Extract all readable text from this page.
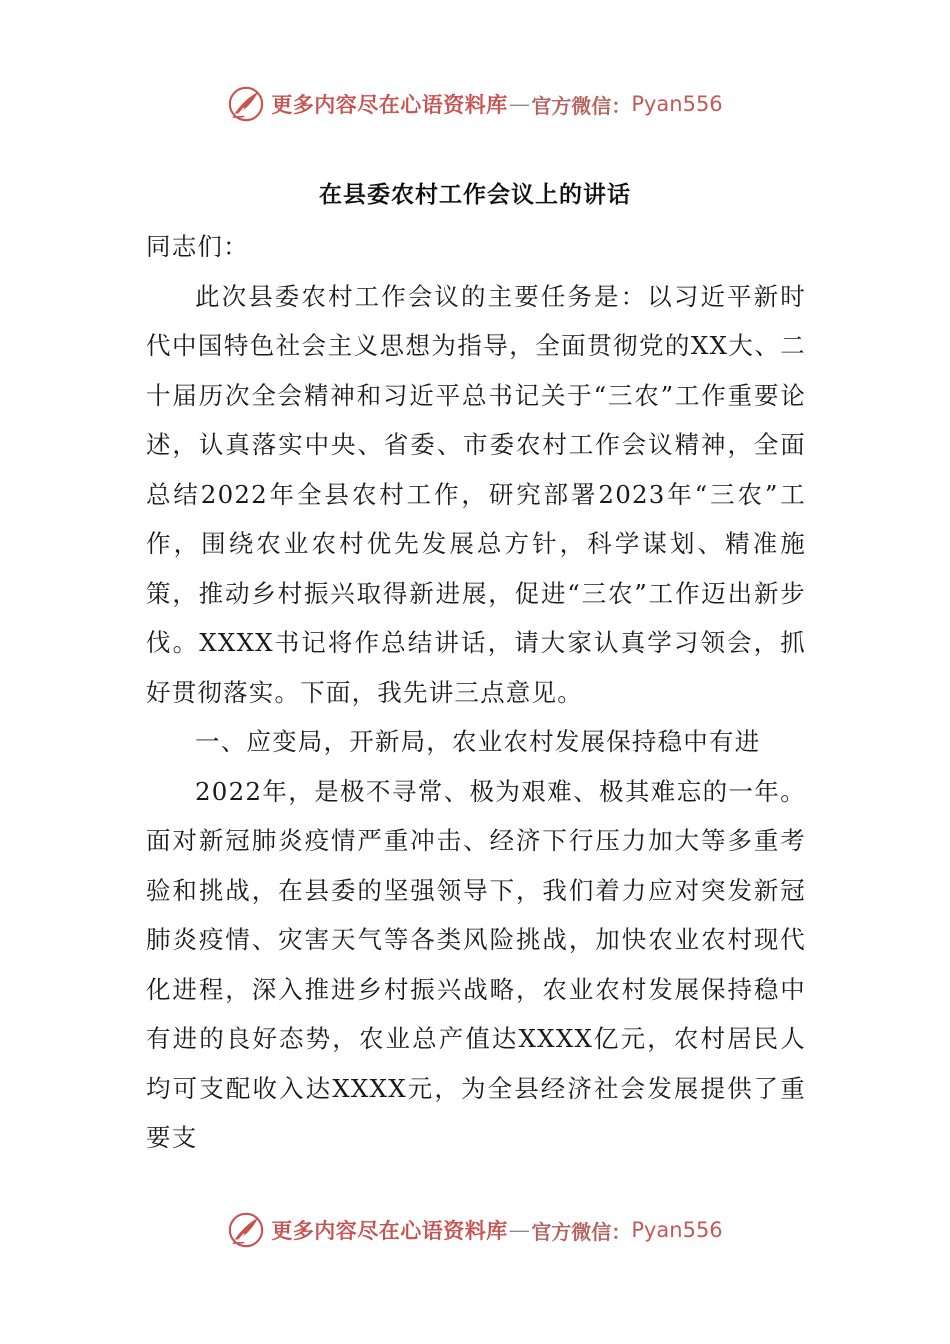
更多内容尽在心语资料库 — 官方微信： Pyan556
在县委农村工作会议上的讲话

同志们：

此次县委农村工作会议的主要任务是：以习近平新时代中国特色社会主义思想为指导，全面贯彻党的XX大、二十届历次全会精神和习近平总书记关于“三农”工作重要论述，认真落实中央、省委、市委农村工作会议精神，全面总结2022年全县农村工作，研究部署2023年“三农”工作，围绕农业农村优先发展总方针，科学谋划、精准施策，推动乡村振兴取得新进展，促进“三农”工作迈出新步伐。XXXX书记将作总结讲话，请大家认真学习领会，抓好贯彻落实。下面，我先讲三点意见。

一、应变局，开新局，农业农村发展保持稳中有进

2022年，是极不寻常、极为艰难、极其难忘的一年。面对新冠肺炎疫情严重冲击、经济下行压力加大等多重考验和挑战，在县委的坚强领导下，我们着力应对突发新冠肺炎疫情、灾害天气等各类风险挑战，加快农业农村现代化进程，深入推进乡村振兴战略，农业农村发展保持稳中有进的良好态势，农业总产值达XXXX亿元，农村居民人均可支配收入达XXXX元，为全县经济社会发展提供了重要支

更多内容尽在心语资料库 — 官方微信： Pyan556
